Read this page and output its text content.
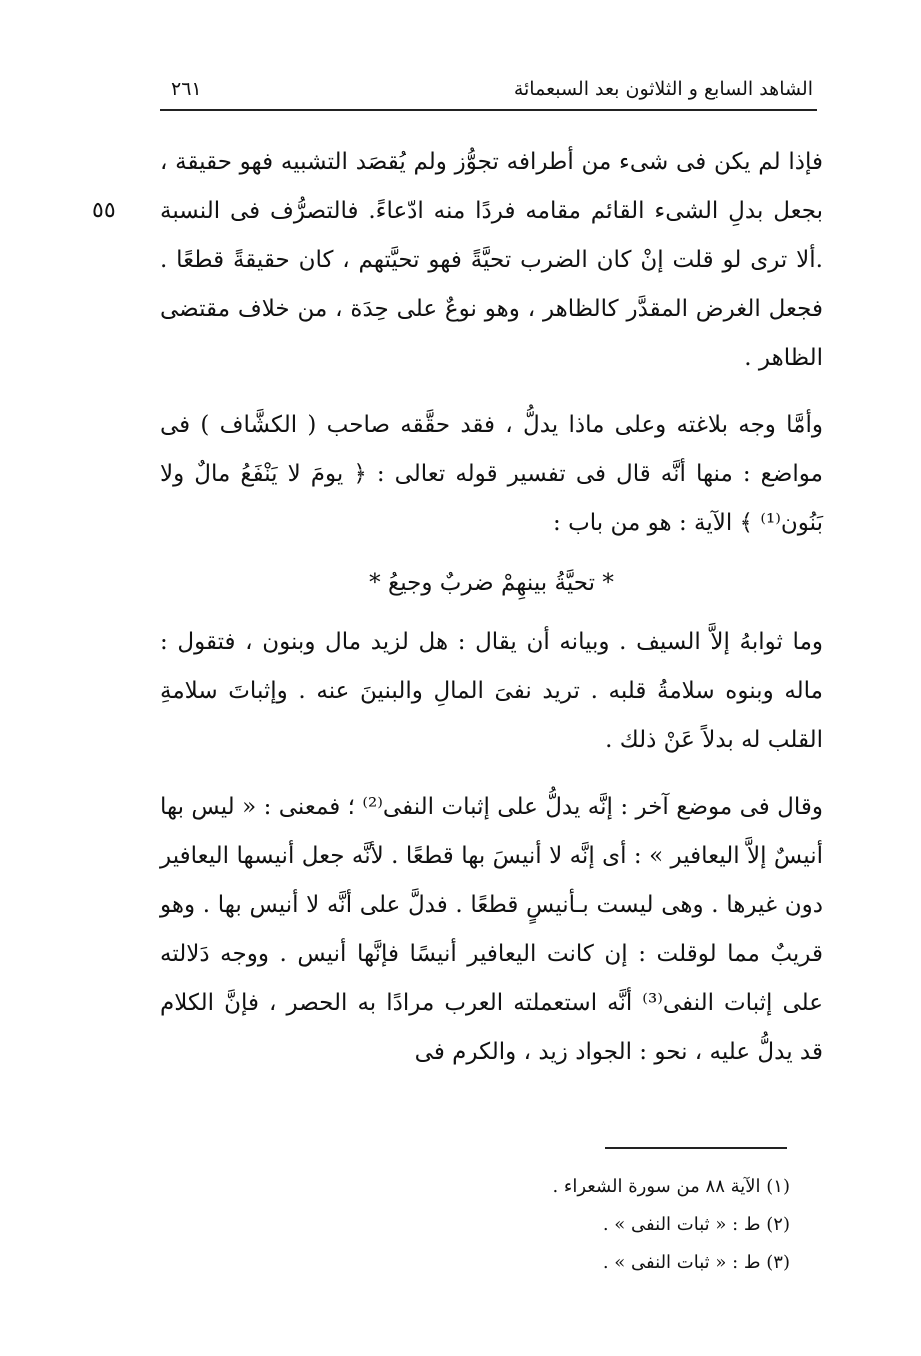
الشاهد السابع و الثلاثون بعد السبعمائة
٢٦١
٥٥

فإذا لم يكن فى شىء من أطرافه تجوُّز ولم يُقصَد التشبيه فهو حقيقة ، بجعل بدلِ الشىء القائم مقامه فردًا منه ادّعاءً. فالتصرُّف فى النسبة .ألا ترى لو قلت إنْ كان الضرب تحيَّةً فهو تحيَّتهم ، كان حقيقةً قطعًا . فجعل الغرض المقدَّر كالظاهر ، وهو نوعٌ على حِدَة ، من خلاف مقتضى الظاهر .

وأمَّا وجه بلاغته وعلى ماذا يدلُّ ، فقد حقَّقه صاحب ( الكشَّاف ) فى مواضع : منها أنَّه قال فى تفسير قوله تعالى : ﴿ يومَ لا يَنْفَعُ مالٌ ولا بَنُون⁽¹⁾ ﴾ الآية : هو من باب :

* تحيَّةُ بينهِمْ ضربٌ وجيعُ *

وما ثوابهُ إلاَّ السيف . وبيانه أن يقال : هل لزيد مال وبنون ، فتقول : ماله وبنوه سلامةُ قلبه . تريد نفىَ المالِ والبنينَ عنه . وإثباتَ سلامةِ القلب له بدلاً عَنْ ذلك .

وقال فى موضع آخر : إنَّه يدلُّ على إثبات النفى⁽²⁾ ؛ فمعنى : « ليس بها أنيسٌ إلاَّ اليعافير » : أى إنَّه لا أنيسَ بها قطعًا . لأنَّه جعل أنيسها اليعافير دون غيرها . وهى ليست بـأنيسٍ قطعًا . فدلَّ على أنَّه لا أنيس بها . وهو قريبٌ مما لوقلت : إن كانت اليعافير أنيسًا فإنَّها أنيس . ووجه دَلالته على إثبات النفى⁽³⁾ أنَّه استعملته العرب مرادًا به الحصر ، فإنَّ الكلام قد يدلُّ عليه ، نحو : الجواد زيد ، والكرم فى

(١) الآية ٨٨ من سورة الشعراء .

(٢) ط : « ثبات النفى » .

(٣) ط : « ثبات النفى » .
